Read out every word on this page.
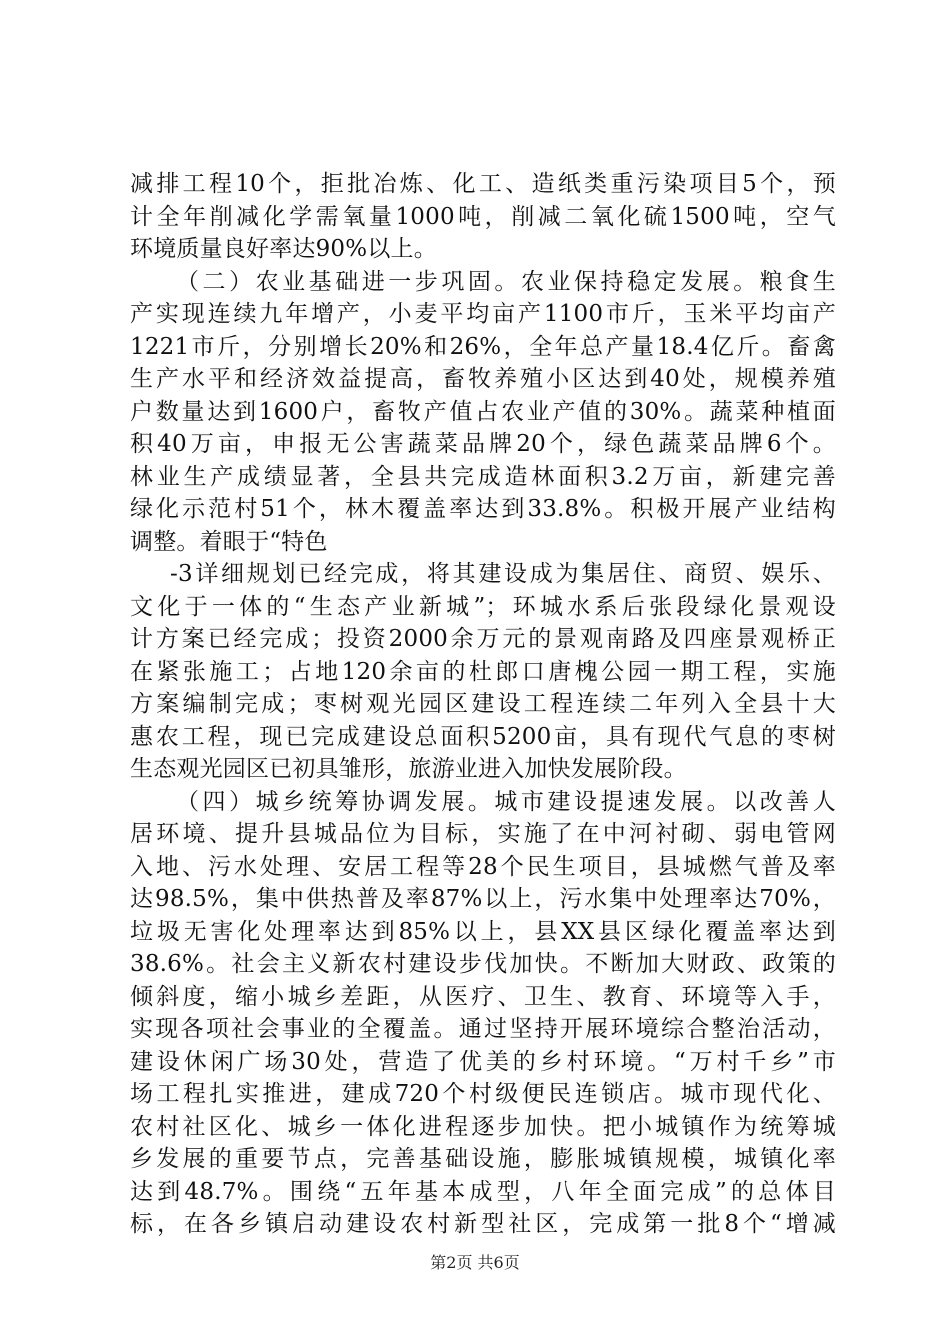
减排工程10个，拒批冶炼、化工、造纸类重污染项目5个，预
计全年削减化学需氧量1000吨，削减二氧化硫1500吨，空气
环境质量良好率达90%以上。
（二）农业基础进一步巩固。农业保持稳定发展。粮食生
产实现连续九年增产，小麦平均亩产1100市斤，玉米平均亩产
1221市斤，分别增长20%和26%，全年总产量18.4亿斤。畜禽
生产水平和经济效益提高，畜牧养殖小区达到40处，规模养殖
户数量达到1600户，畜牧产值占农业产值的30%。蔬菜种植面
积40万亩，申报无公害蔬菜品牌20个，绿色蔬菜品牌6个。
林业生产成绩显著，全县共完成造林面积3.2万亩，新建完善
绿化示范村51个，林木覆盖率达到33.8%。积极开展产业结构
调整。着眼于“特色
-3详细规划已经完成，将其建设成为集居住、商贸、娱乐、
文化于一体的“生态产业新城”；环城水系后张段绿化景观设
计方案已经完成；投资2000余万元的景观南路及四座景观桥正
在紧张施工；占地120余亩的杜郎口唐槐公园一期工程，实施
方案编制完成；枣树观光园区建设工程连续二年列入全县十大
惠农工程，现已完成建设总面积5200亩，具有现代气息的枣树
生态观光园区已初具雏形，旅游业进入加快发展阶段。
（四）城乡统筹协调发展。城市建设提速发展。以改善人
居环境、提升县城品位为目标，实施了在中河衬砌、弱电管网
入地、污水处理、安居工程等28个民生项目，县城燃气普及率
达98.5%，集中供热普及率87%以上，污水集中处理率达70%，
垃圾无害化处理率达到85%以上，县XX县区绿化覆盖率达到
38.6%。社会主义新农村建设步伐加快。不断加大财政、政策的
倾斜度，缩小城乡差距，从医疗、卫生、教育、环境等入手，
实现各项社会事业的全覆盖。通过坚持开展环境综合整治活动，
建设休闲广场30处，营造了优美的乡村环境。“万村千乡”市
场工程扎实推进，建成720个村级便民连锁店。城市现代化、
农村社区化、城乡一体化进程逐步加快。把小城镇作为统筹城
乡发展的重要节点，完善基础设施，膨胀城镇规模，城镇化率
达到48.7%。围绕“五年基本成型，八年全面完成”的总体目
标，在各乡镇启动建设农村新型社区，完成第一批8个“增减
第2页 共6页
